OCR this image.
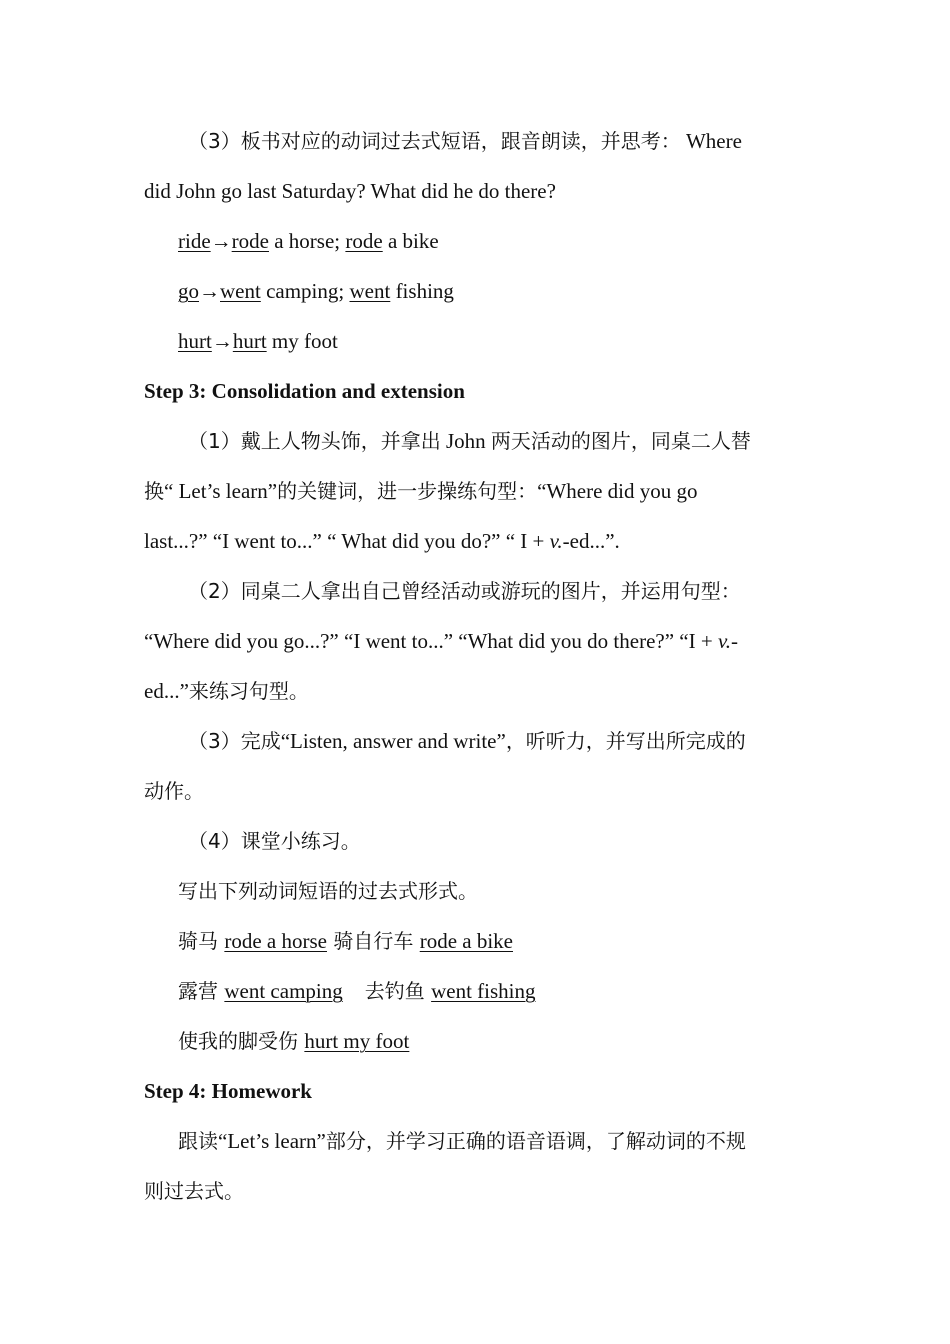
（3）板书对应的动词过去式短语，跟音朗读，并思考： Where
did John go last Saturday? What did he do there?
ride→rode a horse; rode a bike
go→went camping; went fishing
hurt→hurt my foot
Step 3: Consolidation and extension
（1）戴上人物头饰，并拿出 John 两天活动的图片，同桌二人替
换“ Let’s learn”的关键词，进一步操练句型：“Where did you go
last...?” “I went to...” “ What did you do?” “ I + v.-ed...”.
（2）同桌二人拿出自己曾经活动或游玩的图片，并运用句型：
“Where did you go...?” “I went to...” “What did you do there?” “I + v.-
ed...”来练习句型。
（3）完成“Listen, answer and write”，听听力，并写出所完成的
动作。
（4）课堂小练习。
写出下列动词短语的过去式形式。
骑马 rode a horse 骑自行车 rode a bike
露营 went camping 去钓鱼 went fishing
使我的脚受伤 hurt my foot
Step 4: Homework
跟读“Let’s learn”部分，并学习正确的语音语调，了解动词的不规
则过去式。
